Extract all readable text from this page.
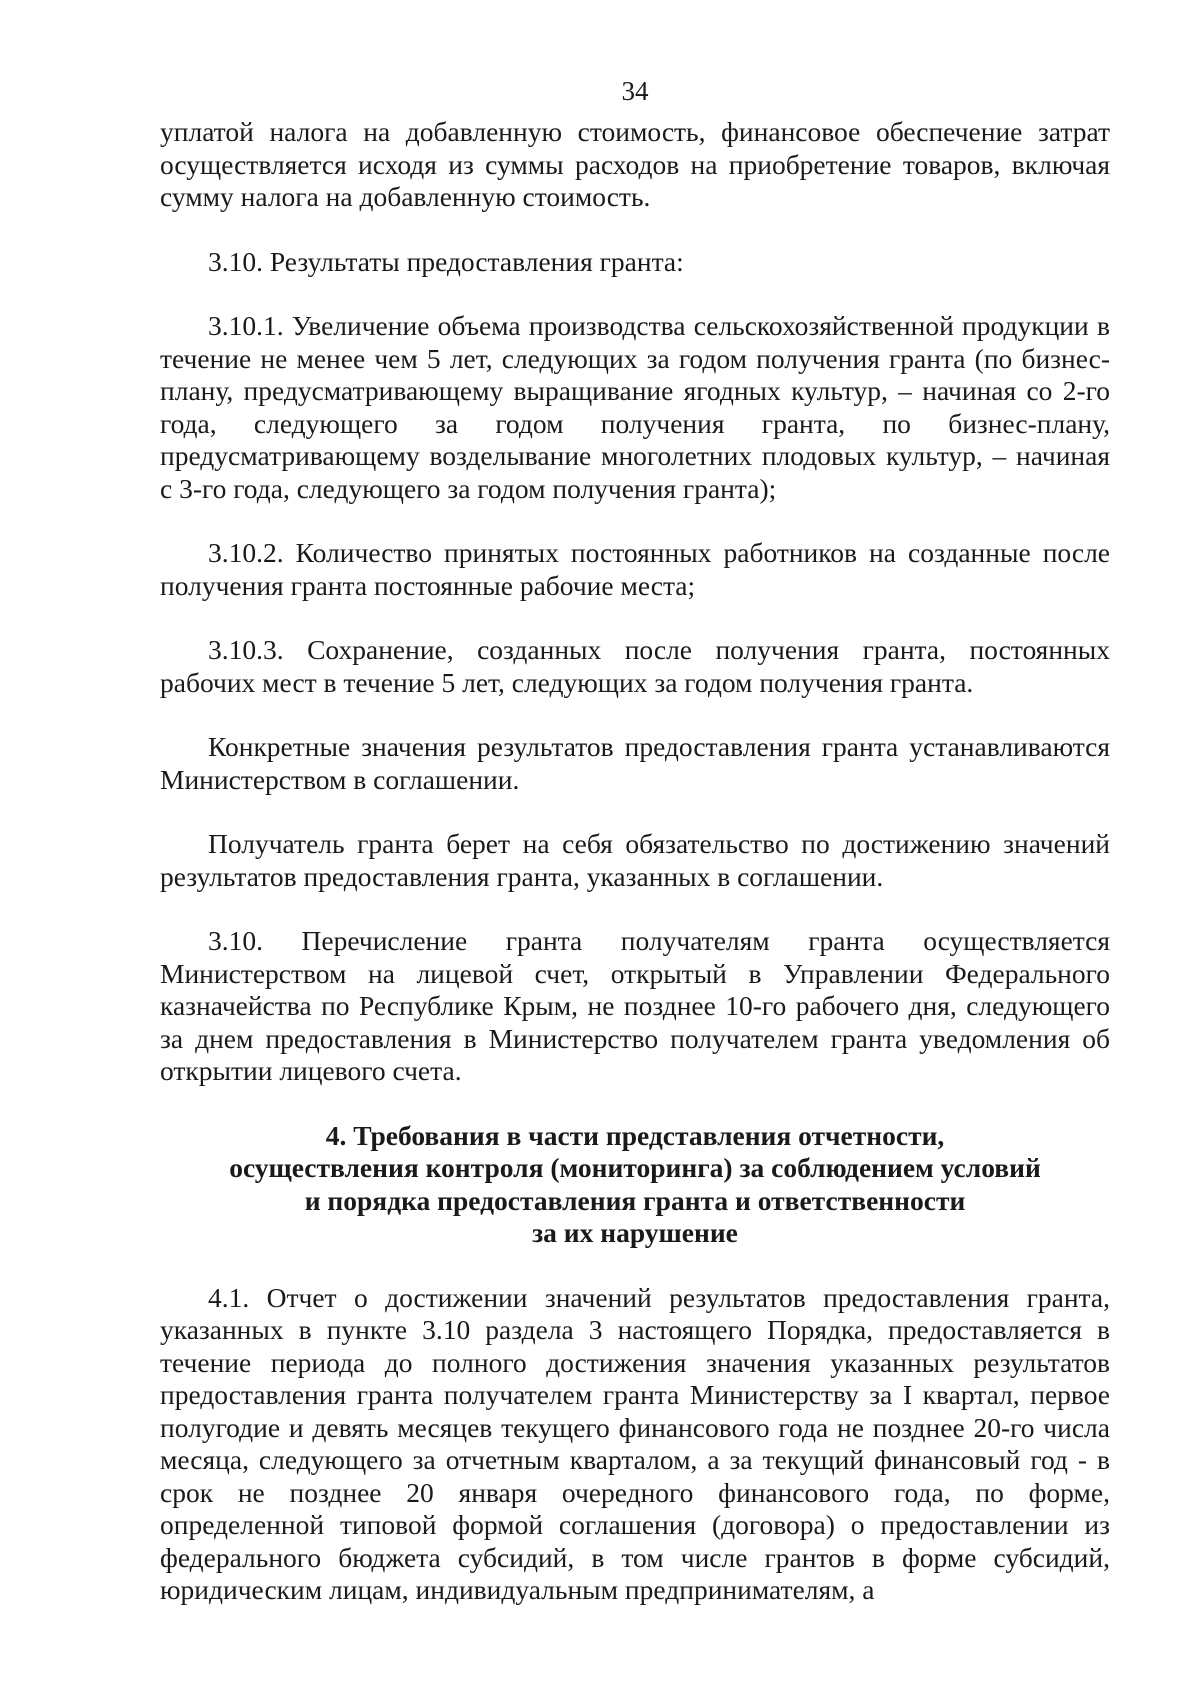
34

уплатой налога на добавленную стоимость, финансовое обеспечение затрат осуществляется исходя из суммы расходов на приобретение товаров, включая сумму налога на добавленную стоимость.

3.10. Результаты предоставления гранта:

3.10.1. Увеличение объема производства сельскохозяйственной продукции в течение не менее чем 5 лет, следующих за годом получения гранта (по бизнес-плану, предусматривающему выращивание ягодных культур, – начиная со 2-го года, следующего за годом получения гранта, по бизнес-плану, предусматривающему возделывание многолетних плодовых культур, – начиная с 3-го года, следующего за годом получения гранта);

3.10.2. Количество принятых постоянных работников на созданные после получения гранта постоянные рабочие места;

3.10.3. Сохранение, созданных после получения гранта, постоянных рабочих мест в течение 5 лет, следующих за годом получения гранта.

Конкретные значения результатов предоставления гранта устанавливаются Министерством в соглашении.

Получатель гранта берет на себя обязательство по достижению значений результатов предоставления гранта, указанных в соглашении.

3.10. Перечисление гранта получателям гранта осуществляется Министерством на лицевой счет, открытый в Управлении Федерального казначейства по Республике Крым, не позднее 10-го рабочего дня, следующего за днем предоставления в Министерство получателем гранта уведомления об открытии лицевого счета.

4. Требования в части представления отчетности,
осуществления контроля (мониторинга) за соблюдением условий
и порядка предоставления гранта и ответственности
за их нарушение

4.1. Отчет о достижении значений результатов предоставления гранта, указанных в пункте 3.10 раздела 3 настоящего Порядка, предоставляется в течение периода до полного достижения значения указанных результатов предоставления гранта получателем гранта Министерству за I квартал, первое полугодие и девять месяцев текущего финансового года не позднее 20-го числа месяца, следующего за отчетным кварталом, а за текущий финансовый год - в срок не позднее 20 января очередного финансового года, по форме, определенной типовой формой соглашения (договора) о предоставлении из федерального бюджета субсидий, в том числе грантов в форме субсидий, юридическим лицам, индивидуальным предпринимателям, а
